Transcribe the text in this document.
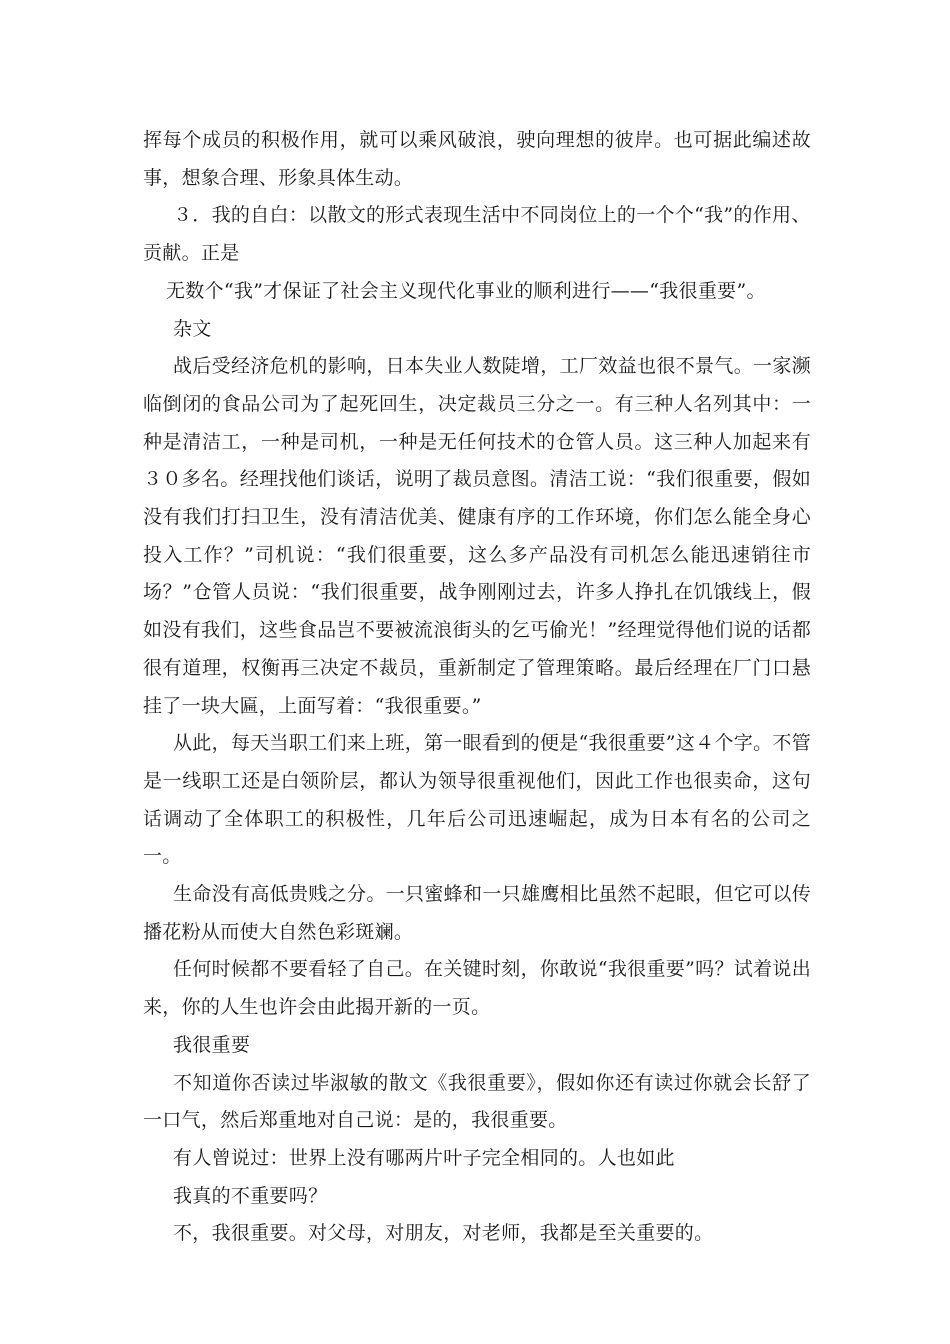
挥每个成员的积极作用，就可以乘风破浪，驶向理想的彼岸。也可据此编述故事，想象合理、形象具体生动。

３．我的自白：以散文的形式表现生活中不同岗位上的一个个“我”的作用、

贡献。正是

无数个“我”才保证了社会主义现代化事业的顺利进行——“我很重要”。

杂文

战后受经济危机的影响，日本失业人数陡增，工厂效益也很不景气。一家濒临倒闭的食品公司为了起死回生，决定裁员三分之一。有三种人名列其中：一种是清洁工，一种是司机，一种是无任何技术的仓管人员。这三种人加起来有３０多名。经理找他们谈话，说明了裁员意图。清洁工说：“我们很重要，假如没有我们打扫卫生，没有清洁优美、健康有序的工作环境，你们怎么能全身心投入工作？”司机说：“我们很重要，这么多产品没有司机怎么能迅速销往市场？”仓管人员说：“我们很重要，战争刚刚过去，许多人挣扎在饥饿线上，假如没有我们，这些食品岂不要被流浪街头的乞丐偷光！”经理觉得他们说的话都很有道理，权衡再三决定不裁员，重新制定了管理策略。最后经理在厂门口悬挂了一块大匾，上面写着：“我很重要。”

从此，每天当职工们来上班，第一眼看到的便是“我很重要”这４个字。不管是一线职工还是白领阶层，都认为领导很重视他们，因此工作也很卖命，这句话调动了全体职工的积极性，几年后公司迅速崛起，成为日本有名的公司之一。

生命没有高低贵贱之分。一只蜜蜂和一只雄鹰相比虽然不起眼，但它可以传播花粉从而使大自然色彩斑斓。

任何时候都不要看轻了自己。在关键时刻，你敢说“我很重要”吗？试着说出来，你的人生也许会由此揭开新的一页。

我很重要

不知道你否读过毕淑敏的散文《我很重要》，假如你还有读过你就会长舒了一口气，然后郑重地对自己说：是的，我很重要。

有人曾说过：世界上没有哪两片叶子完全相同的。人也如此

我真的不重要吗？

不，我很重要。对父母，对朋友，对老师，我都是至关重要的。
